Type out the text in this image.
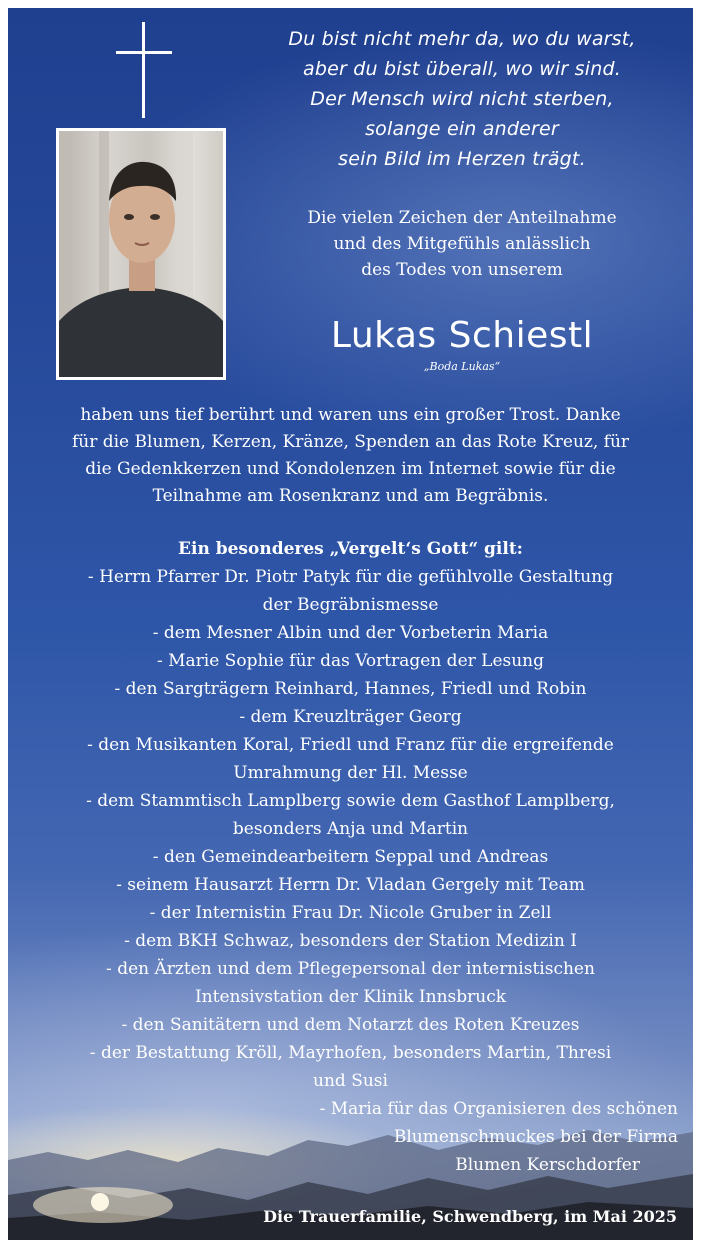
Du bist nicht mehr da, wo du warst,
aber du bist überall, wo wir sind.
Der Mensch wird nicht sterben,
solange ein anderer
sein Bild im Herzen trägt.
Die vielen Zeichen der Anteilnahme
und des Mitgefühls anlässlich
des Todes von unserem
Lukas Schiestl
„Boda Lukas“
haben uns tief berührt und waren uns ein großer Trost. Danke
für die Blumen, Kerzen, Kränze, Spenden an das Rote Kreuz, für
die Gedenkkerzen und Kondolenzen im Internet sowie für die
Teilnahme am Rosenkranz und am Begräbnis.
Ein besonderes „Vergelt‘s Gott“ gilt:
- Herrn Pfarrer Dr. Piotr Patyk für die gefühlvolle Gestaltung
der Begräbnismesse
- dem Mesner Albin und der Vorbeterin Maria
- Marie Sophie für das Vortragen der Lesung
- den Sargträgern Reinhard, Hannes, Friedl und Robin
- dem Kreuzlträger Georg
- den Musikanten Koral, Friedl und Franz für die ergreifende
Umrahmung der Hl. Messe
- dem Stammtisch Lamplberg sowie dem Gasthof Lamplberg,
besonders Anja und Martin
- den Gemeindearbeitern Seppal und Andreas
- seinem Hausarzt Herrn Dr. Vladan Gergely mit Team
- der Internistin Frau Dr. Nicole Gruber in Zell
- dem BKH Schwaz, besonders der Station Medizin I
- den Ärzten und dem Pflegepersonal der internistischen
Intensivstation der Klinik Innsbruck
- den Sanitätern und dem Notarzt des Roten Kreuzes
- der Bestattung Kröll, Mayrhofen, besonders Martin, Thresi
und Susi
- Maria für das Organisieren des schönen
Blumenschmuckes bei der Firma
Blumen Kerschdorfer
Die Trauerfamilie, Schwendberg, im Mai 2025
